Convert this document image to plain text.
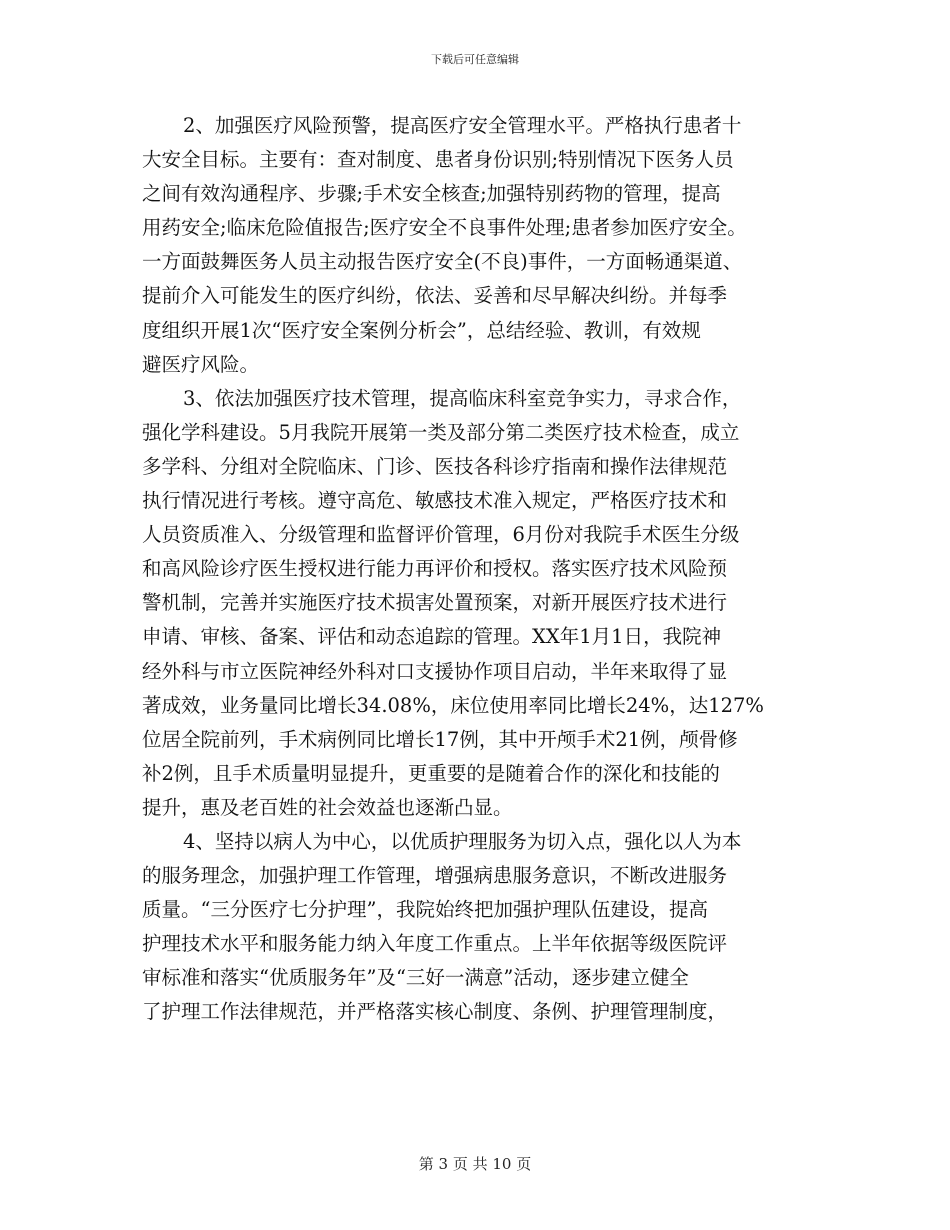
下载后可任意编辑
2、加强医疗风险预警，提高医疗安全管理水平。严格执行患者十
大安全目标。主要有：查对制度、患者身份识别;特别情况下医务人员
之间有效沟通程序、步骤;手术安全核查;加强特别药物的管理，提高
用药安全;临床危险值报告;医疗安全不良事件处理;患者参加医疗安全。
一方面鼓舞医务人员主动报告医疗安全(不良)事件，一方面畅通渠道、
提前介入可能发生的医疗纠纷，依法、妥善和尽早解决纠纷。并每季
度组织开展1次“医疗安全案例分析会”，总结经验、教训，有效规
避医疗风险。
3、依法加强医疗技术管理，提高临床科室竞争实力，寻求合作，
强化学科建设。5月我院开展第一类及部分第二类医疗技术检查，成立
多学科、分组对全院临床、门诊、医技各科诊疗指南和操作法律规范
执行情况进行考核。遵守高危、敏感技术准入规定，严格医疗技术和
人员资质准入、分级管理和监督评价管理，6月份对我院手术医生分级
和高风险诊疗医生授权进行能力再评价和授权。落实医疗技术风险预
警机制，完善并实施医疗技术损害处置预案，对新开展医疗技术进行
申请、审核、备案、评估和动态追踪的管理。XX年1月1日，我院神
经外科与市立医院神经外科对口支援协作项目启动，半年来取得了显
著成效，业务量同比增长34.08%，床位使用率同比增长24%，达127%
位居全院前列，手术病例同比增长17例，其中开颅手术21例，颅骨修
补2例，且手术质量明显提升，更重要的是随着合作的深化和技能的
提升，惠及老百姓的社会效益也逐渐凸显。
4、坚持以病人为中心，以优质护理服务为切入点，强化以人为本
的服务理念，加强护理工作管理，增强病患服务意识，不断改进服务
质量。“三分医疗七分护理”，我院始终把加强护理队伍建设，提高
护理技术水平和服务能力纳入年度工作重点。上半年依据等级医院评
审标准和落实“优质服务年”及“三好一满意”活动，逐步建立健全
了护理工作法律规范，并严格落实核心制度、条例、护理管理制度，
第 3 页 共 10 页
